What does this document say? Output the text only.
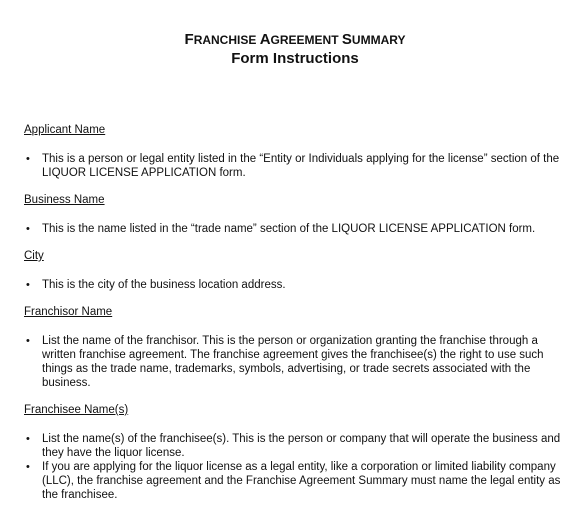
FRANCHISE AGREEMENT SUMMARY
Form Instructions

Applicant Name

• This is a person or legal entity listed in the “Entity or Individuals applying for the license” section of the LIQUOR LICENSE APPLICATION form.

Business Name

• This is the name listed in the “trade name” section of the LIQUOR LICENSE APPLICATION form.

City

• This is the city of the business location address.

Franchisor Name

• List the name of the franchisor. This is the person or organization granting the franchise through a written franchise agreement. The franchise agreement gives the franchisee(s) the right to use such things as the trade name, trademarks, symbols, advertising, or trade secrets associated with the business.

Franchisee Name(s)

• List the name(s) of the franchisee(s). This is the person or company that will operate the business and they have the liquor license.
• If you are applying for the liquor license as a legal entity, like a corporation or limited liability company (LLC), the franchise agreement and the Franchise Agreement Summary must name the legal entity as the franchisee.
